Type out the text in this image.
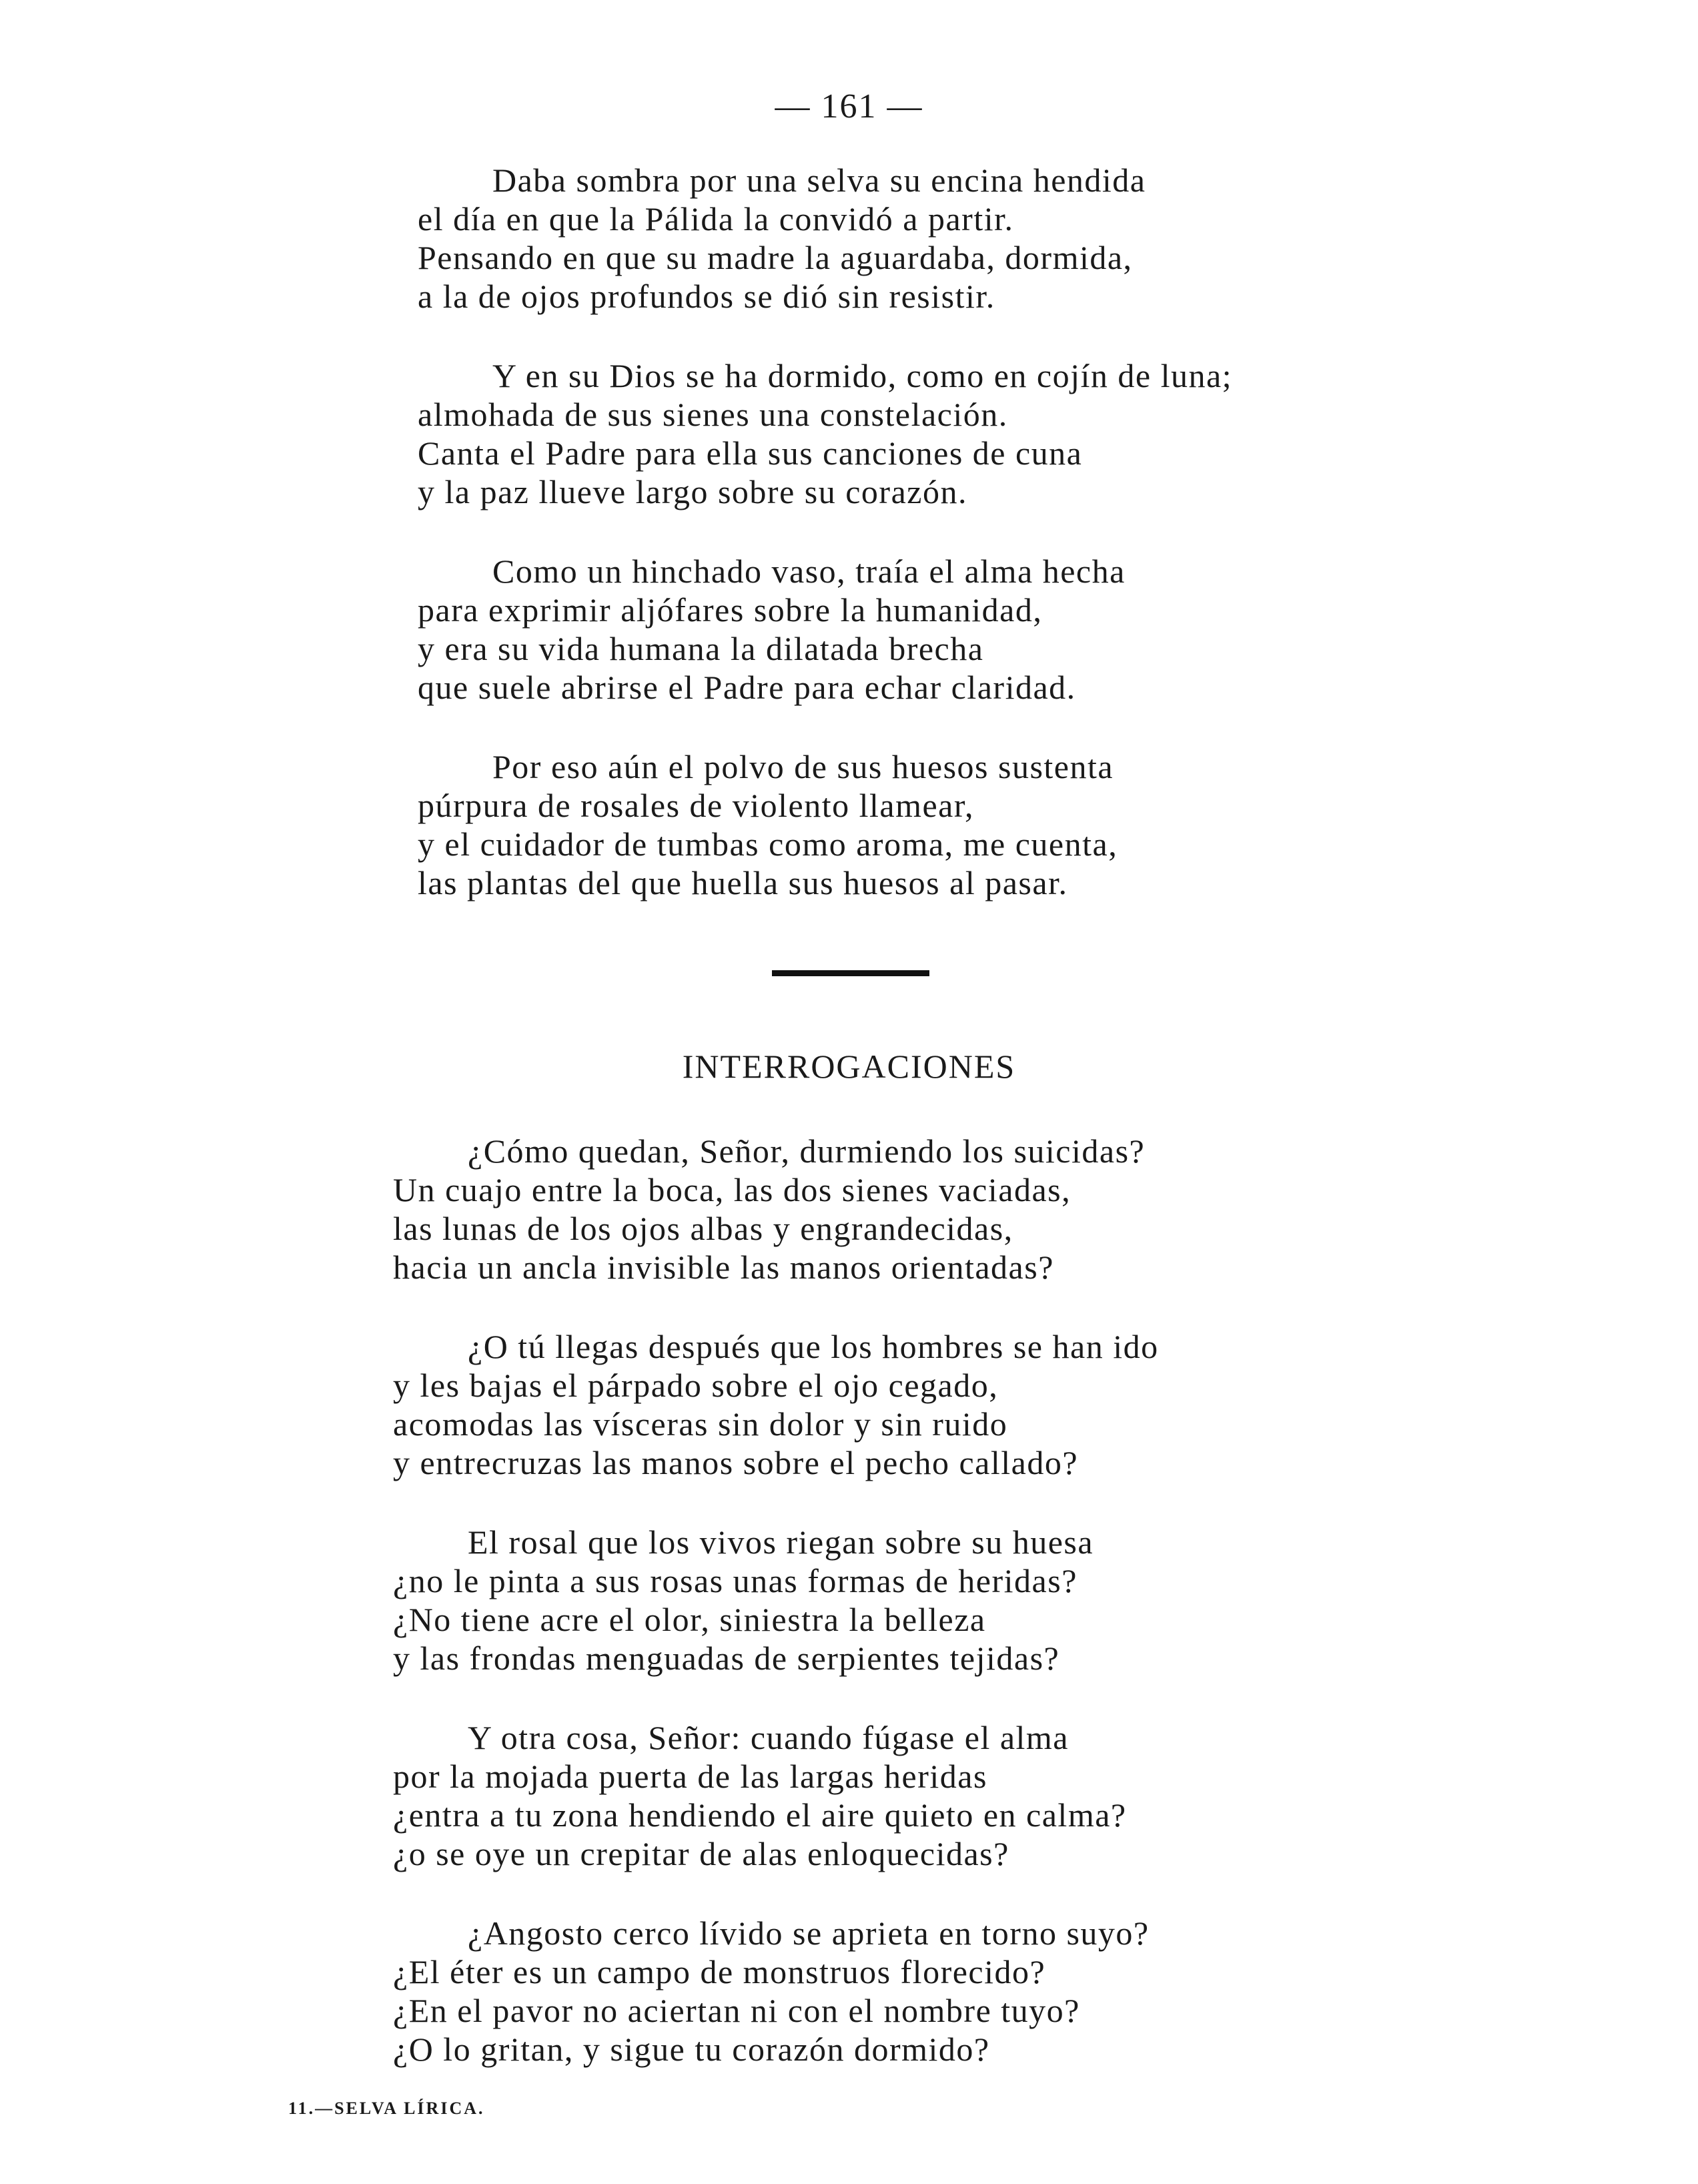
— 161 —
Daba sombra por una selva su encina hendida
el día en que la Pálida la convidó a partir.
Pensando en que su madre la aguardaba, dormida,
a la de ojos profundos se dió sin resistir.
Y en su Dios se ha dormido, como en cojín de luna;
almohada de sus sienes una constelación.
Canta el Padre para ella sus canciones de cuna
y la paz llueve largo sobre su corazón.
Como un hinchado vaso, traía el alma hecha
para exprimir aljófares sobre la humanidad,
y era su vida humana la dilatada brecha
que suele abrirse el Padre para echar claridad.
Por eso aún el polvo de sus huesos sustenta
púrpura de rosales de violento llamear,
y el cuidador de tumbas como aroma, me cuenta,
las plantas del que huella sus huesos al pasar.
INTERROGACIONES
¿Cómo quedan, Señor, durmiendo los suicidas?
Un cuajo entre la boca, las dos sienes vaciadas,
las lunas de los ojos albas y engrandecidas,
hacia un ancla invisible las manos orientadas?
¿O tú llegas después que los hombres se han ido
y les bajas el párpado sobre el ojo cegado,
acomodas las vísceras sin dolor y sin ruido
y entrecruzas las manos sobre el pecho callado?
El rosal que los vivos riegan sobre su huesa
¿no le pinta a sus rosas unas formas de heridas?
¿No tiene acre el olor, siniestra la belleza
y las frondas menguadas de serpientes tejidas?
Y otra cosa, Señor: cuando fúgase el alma
por la mojada puerta de las largas heridas
¿entra a tu zona hendiendo el aire quieto en calma?
¿o se oye un crepitar de alas enloquecidas?
¿Angosto cerco lívido se aprieta en torno suyo?
¿El éter es un campo de monstruos florecido?
¿En el pavor no aciertan ni con el nombre tuyo?
¿O lo gritan, y sigue tu corazón dormido?
11.—SELVA LÍRICA.
